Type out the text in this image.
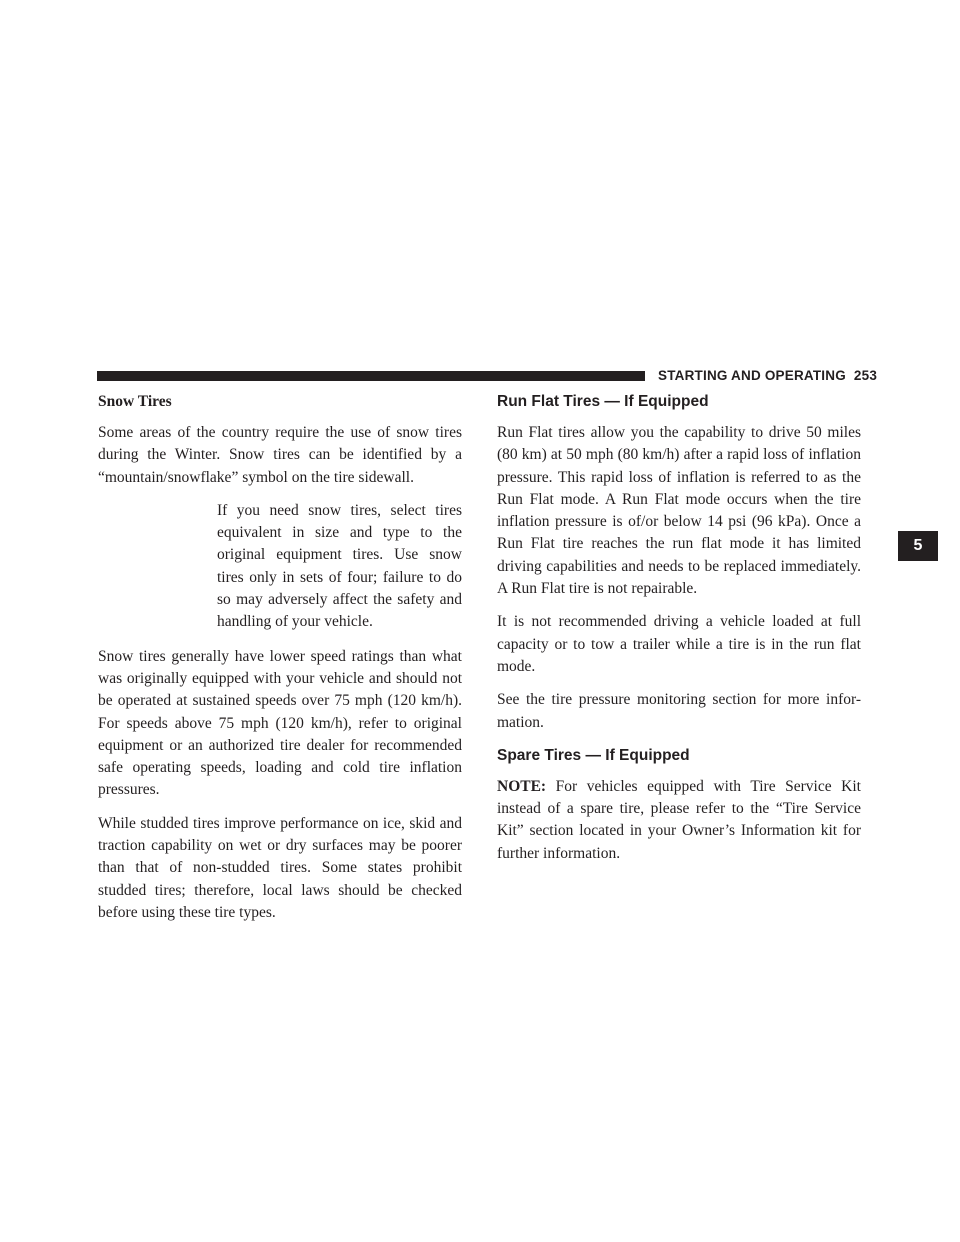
STARTING AND OPERATING 253
5
Snow Tires

Some areas of the country require the use of snow tires during the Winter. Snow tires can be identified by a “mountain/snowflake” symbol on the tire sidewall.

If you need snow tires, select tires equivalent in size and type to the original equipment tires. Use snow tires only in sets of four; failure to do so may adversely affect the safety and handling of your vehicle.

Snow tires generally have lower speed ratings than what was originally equipped with your vehicle and should not be operated at sustained speeds over 75 mph (120 km/h). For speeds above 75 mph (120 km/h), refer to original equipment or an authorized tire dealer for recommended safe operating speeds, loading and cold tire inflation pressures.

While studded tires improve performance on ice, skid and traction capability on wet or dry surfaces may be poorer than that of non-studded tires. Some states prohibit studded tires; therefore, local laws should be checked before using these tire types.

Run Flat Tires — If Equipped

Run Flat tires allow you the capability to drive 50 miles (80 km) at 50 mph (80 km/h) after a rapid loss of inflation pressure. This rapid loss of inflation is referred to as the Run Flat mode. A Run Flat mode occurs when the tire inflation pressure is of/or below 14 psi (96 kPa). Once a Run Flat tire reaches the run flat mode it has limited driving capabilities and needs to be replaced immediately. A Run Flat tire is not repairable.

It is not recommended driving a vehicle loaded at full capacity or to tow a trailer while a tire is in the run flat mode.

See the tire pressure monitoring section for more infor-mation.

Spare Tires — If Equipped

NOTE: For vehicles equipped with Tire Service Kit instead of a spare tire, please refer to the “Tire Service Kit” section located in your Owner’s Information kit for further information.
